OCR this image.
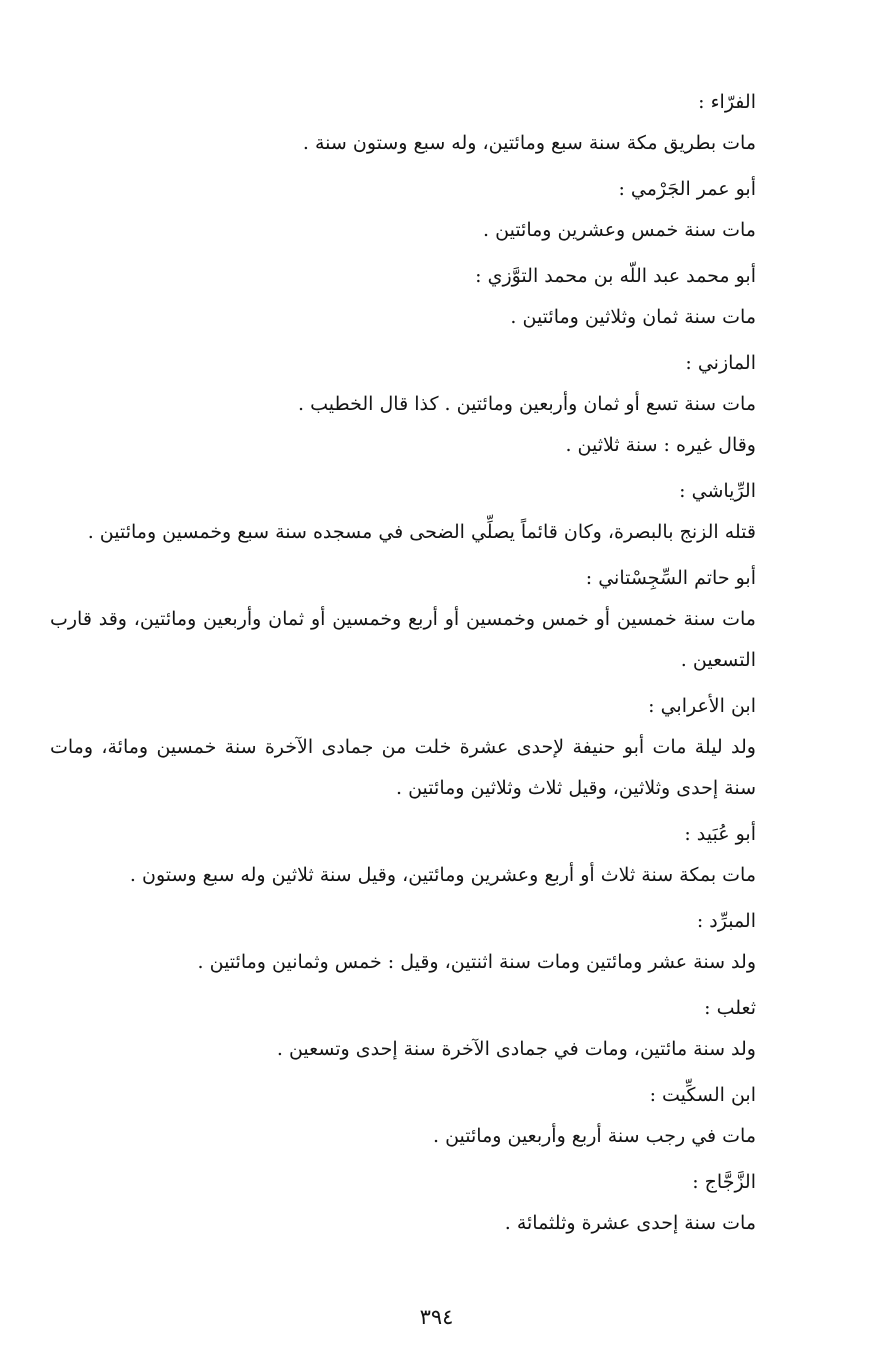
الفرّاء :

مات بطريق مكة سنة سبع ومائتين، وله سبع وستون سنة .

أبو عمر الجَرْمي :

مات سنة خمس وعشرين ومائتين .

أبو محمد عبد اللّه بن محمد التوَّزي :

مات سنة ثمان وثلاثين ومائتين .

المازني :

مات سنة تسع أو ثمان وأربعين ومائتين . كذا قال الخطيب .

وقال غيره : سنة ثلاثين .

الرِّياشي :

قتله الزنج بالبصرة، وكان قائماً يصلِّي الضحى في مسجده سنة سبع وخمسين ومائتين .

أبو حاتم السِّجِسْتاني :

مات سنة خمسين أو خمس وخمسين أو أربع وخمسين أو ثمان وأربعين ومائتين، وقد قارب التسعين .

ابن الأعرابي :

ولد ليلة مات أبو حنيفة لإحدى عشرة خلت من جمادى الآخرة سنة خمسين ومائة، ومات سنة إحدى وثلاثين، وقيل ثلاث وثلاثين ومائتين .

أبو عُبَيد :

مات بمكة سنة ثلاث أو أربع وعشرين ومائتين، وقيل سنة ثلاثين وله سبع وستون .

المبرِّد :

ولد سنة عشر ومائتين ومات سنة اثنتين، وقيل : خمس وثمانين ومائتين .

ثعلب :

ولد سنة مائتين، ومات في جمادى الآخرة سنة إحدى وتسعين .

ابن السكِّيت :

مات في رجب سنة أربع وأربعين ومائتين .

الزَّجَّاج :

مات سنة إحدى عشرة وثلثمائة .

٣٩٤
